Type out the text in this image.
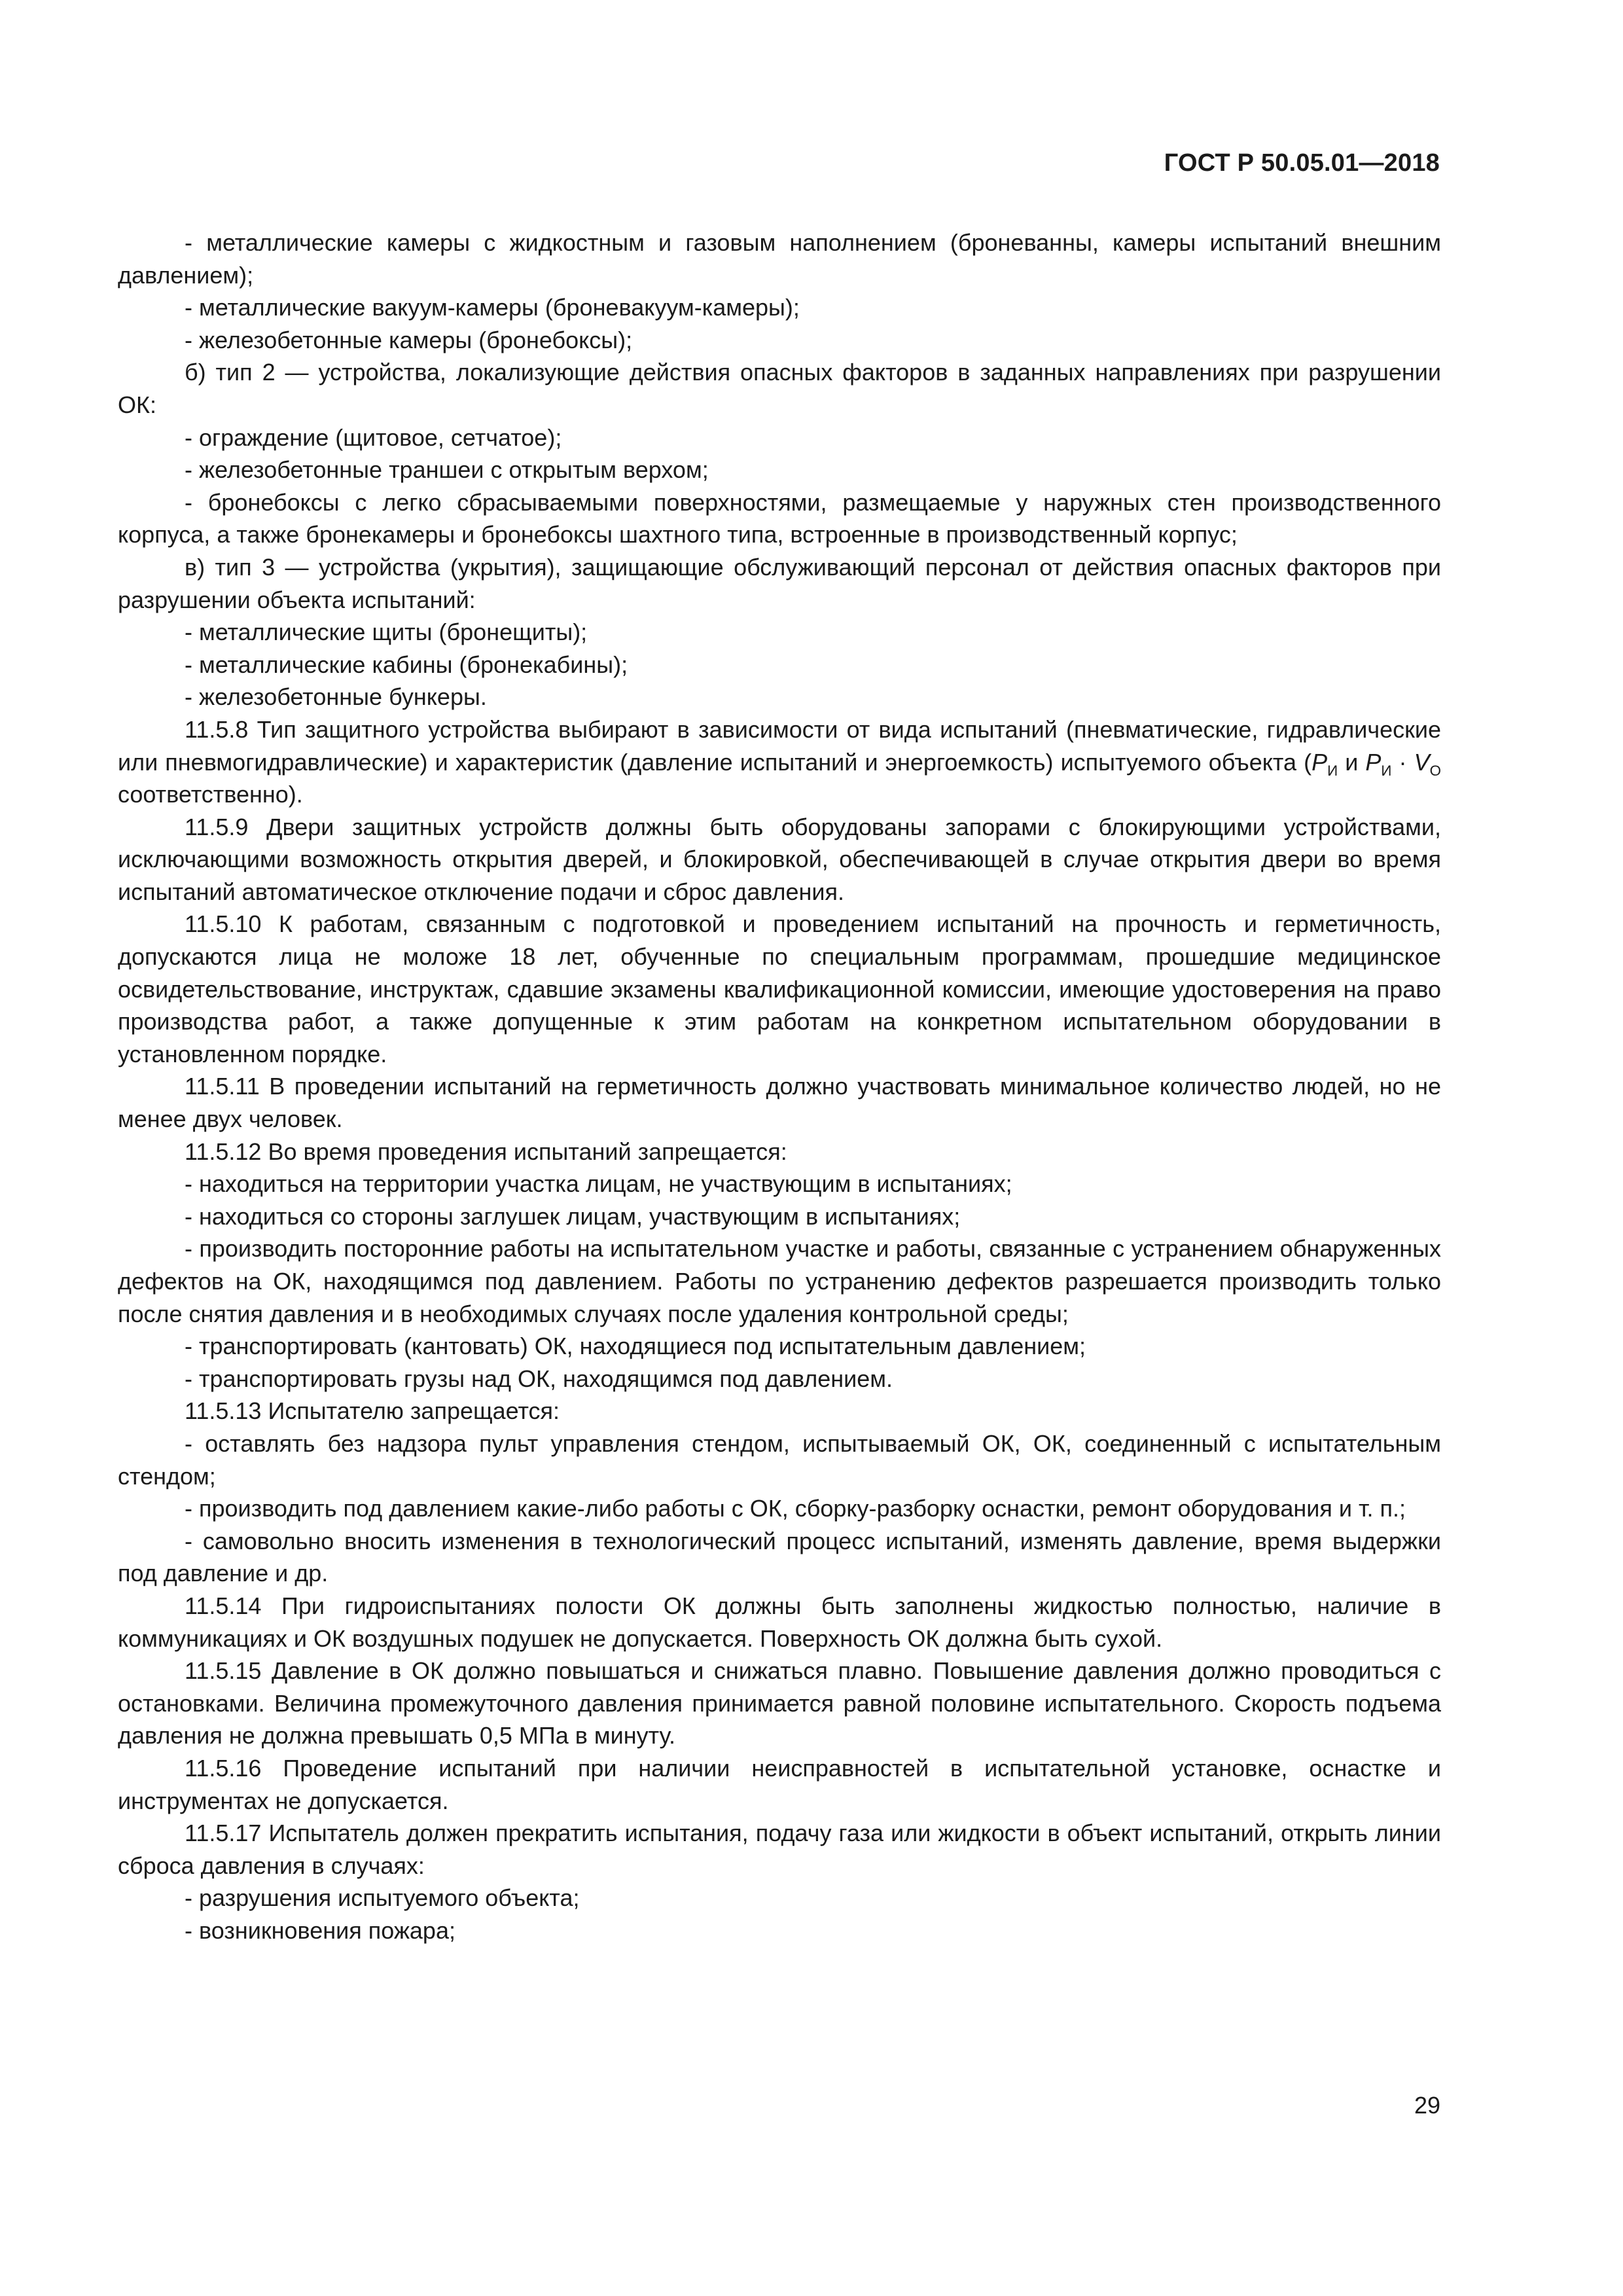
ГОСТ Р 50.05.01—2018

- металлические камеры с жидкостным и газовым наполнением (броневанны, камеры испытаний внешним давлением);

- металлические вакуум-камеры (броневакуум-камеры);

- железобетонные камеры (бронебоксы);

б) тип 2 — устройства, локализующие действия опасных факторов в заданных направлениях при разрушении ОК:

- ограждение (щитовое, сетчатое);

- железобетонные траншеи с открытым верхом;

- бронебоксы с легко сбрасываемыми поверхностями, размещаемые у наружных стен производственного корпуса, а также бронекамеры и бронебоксы шахтного типа, встроенные в производственный корпус;

в) тип 3 — устройства (укрытия), защищающие обслуживающий персонал от действия опасных факторов при разрушении объекта испытаний:

- металлические щиты (бронещиты);

- металлические кабины (бронекабины);

- железобетонные бункеры.

11.5.8 Тип защитного устройства выбирают в зависимости от вида испытаний (пневматические, гидравлические или пневмогидравлические) и характеристик (давление испытаний и энергоемкость) испытуемого объекта ($P_И$ и $P_И \cdot V_О$ соответственно).

11.5.9 Двери защитных устройств должны быть оборудованы запорами с блокирующими устройствами, исключающими возможность открытия дверей, и блокировкой, обеспечивающей в случае открытия двери во время испытаний автоматическое отключение подачи и сброс давления.

11.5.10 К работам, связанным с подготовкой и проведением испытаний на прочность и герметичность, допускаются лица не моложе 18 лет, обученные по специальным программам, прошедшие медицинское освидетельствование, инструктаж, сдавшие экзамены квалификационной комиссии, имеющие удостоверения на право производства работ, а также допущенные к этим работам на конкретном испытательном оборудовании в установленном порядке.

11.5.11 В проведении испытаний на герметичность должно участвовать минимальное количество людей, но не менее двух человек.

11.5.12 Во время проведения испытаний запрещается:

- находиться на территории участка лицам, не участвующим в испытаниях;

- находиться со стороны заглушек лицам, участвующим в испытаниях;

- производить посторонние работы на испытательном участке и работы, связанные с устранением обнаруженных дефектов на ОК, находящимся под давлением. Работы по устранению дефектов разрешается производить только после снятия давления и в необходимых случаях после удаления контрольной среды;

- транспортировать (кантовать) ОК, находящиеся под испытательным давлением;

- транспортировать грузы над ОК, находящимся под давлением.

11.5.13 Испытателю запрещается:

- оставлять без надзора пульт управления стендом, испытываемый ОК, ОК, соединенный с испытательным стендом;

- производить под давлением какие-либо работы с ОК, сборку-разборку оснастки, ремонт оборудования и т. п.;

- самовольно вносить изменения в технологический процесс испытаний, изменять давление, время выдержки под давление и др.

11.5.14 При гидроиспытаниях полости ОК должны быть заполнены жидкостью полностью, наличие в коммуникациях и ОК воздушных подушек не допускается. Поверхность ОК должна быть сухой.

11.5.15 Давление в ОК должно повышаться и снижаться плавно. Повышение давления должно проводиться с остановками. Величина промежуточного давления принимается равной половине испытательного. Скорость подъема давления не должна превышать 0,5 МПа в минуту.

11.5.16 Проведение испытаний при наличии неисправностей в испытательной установке, оснастке и инструментах не допускается.

11.5.17 Испытатель должен прекратить испытания, подачу газа или жидкости в объект испытаний, открыть линии сброса давления в случаях:

- разрушения испытуемого объекта;

- возникновения пожара;

29
